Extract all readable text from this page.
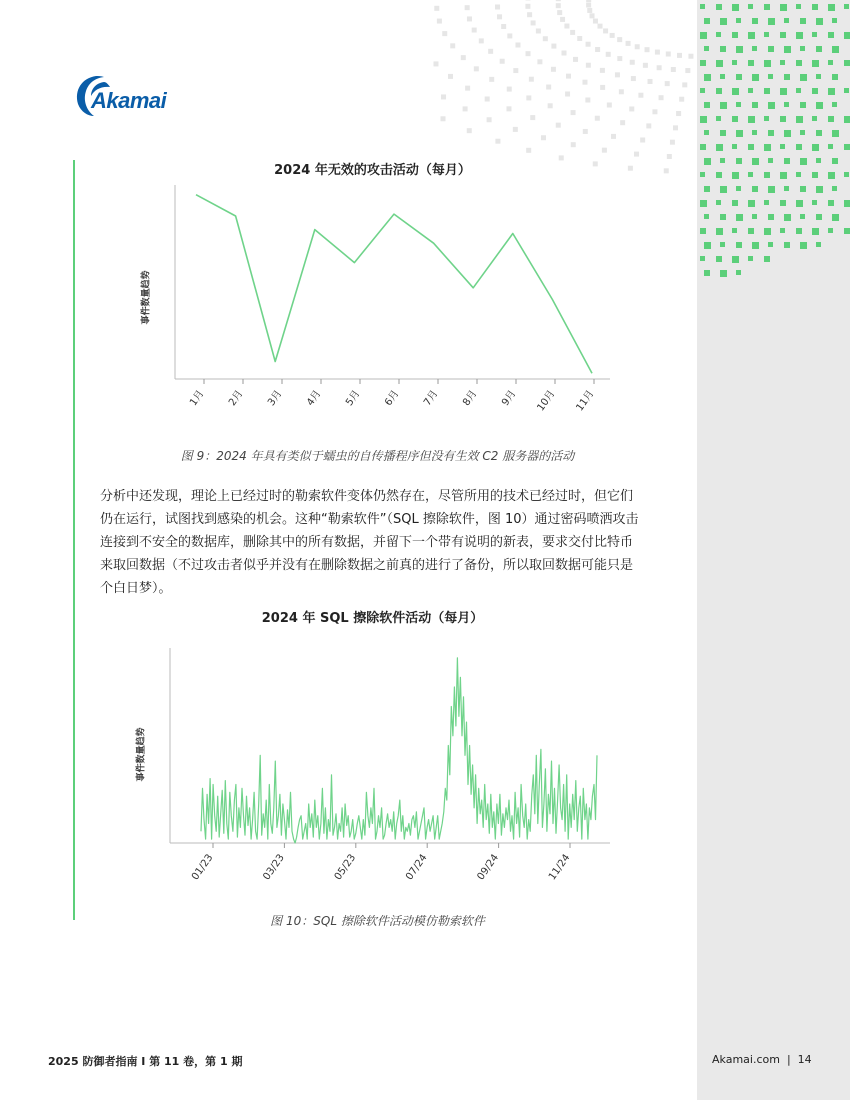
Akamai
2024 年无效的攻击活动（每月）
事件数量趋势
1月 2月 3月 4月 5月 6月 7月 8月 9月 10月 11月
图 9：2024 年具有类似于蠕虫的自传播程序但没有生效 C2 服务器的活动

分析中还发现，理论上已经过时的勒索软件变体仍然存在，尽管所用的技术已经过时，但它们仍在运行，试图找到感染的机会。这种“勒索软件”（SQL 擦除软件，图 10）通过密码喷洒攻击连接到不安全的数据库，删除其中的所有数据，并留下一个带有说明的新表，要求交付比特币来取回数据（不过攻击者似乎并没有在删除数据之前真的进行了备份，所以取回数据可能只是个白日梦）。

2024 年 SQL 擦除软件活动（每月）
事件数量趋势
01/23	03/23	05/23	07/24	09/24	11/24
图 10：SQL 擦除软件活动模仿勒索软件
2025 防御者指南 I 第 11 卷，第 1 期	Akamai.com  |  14
